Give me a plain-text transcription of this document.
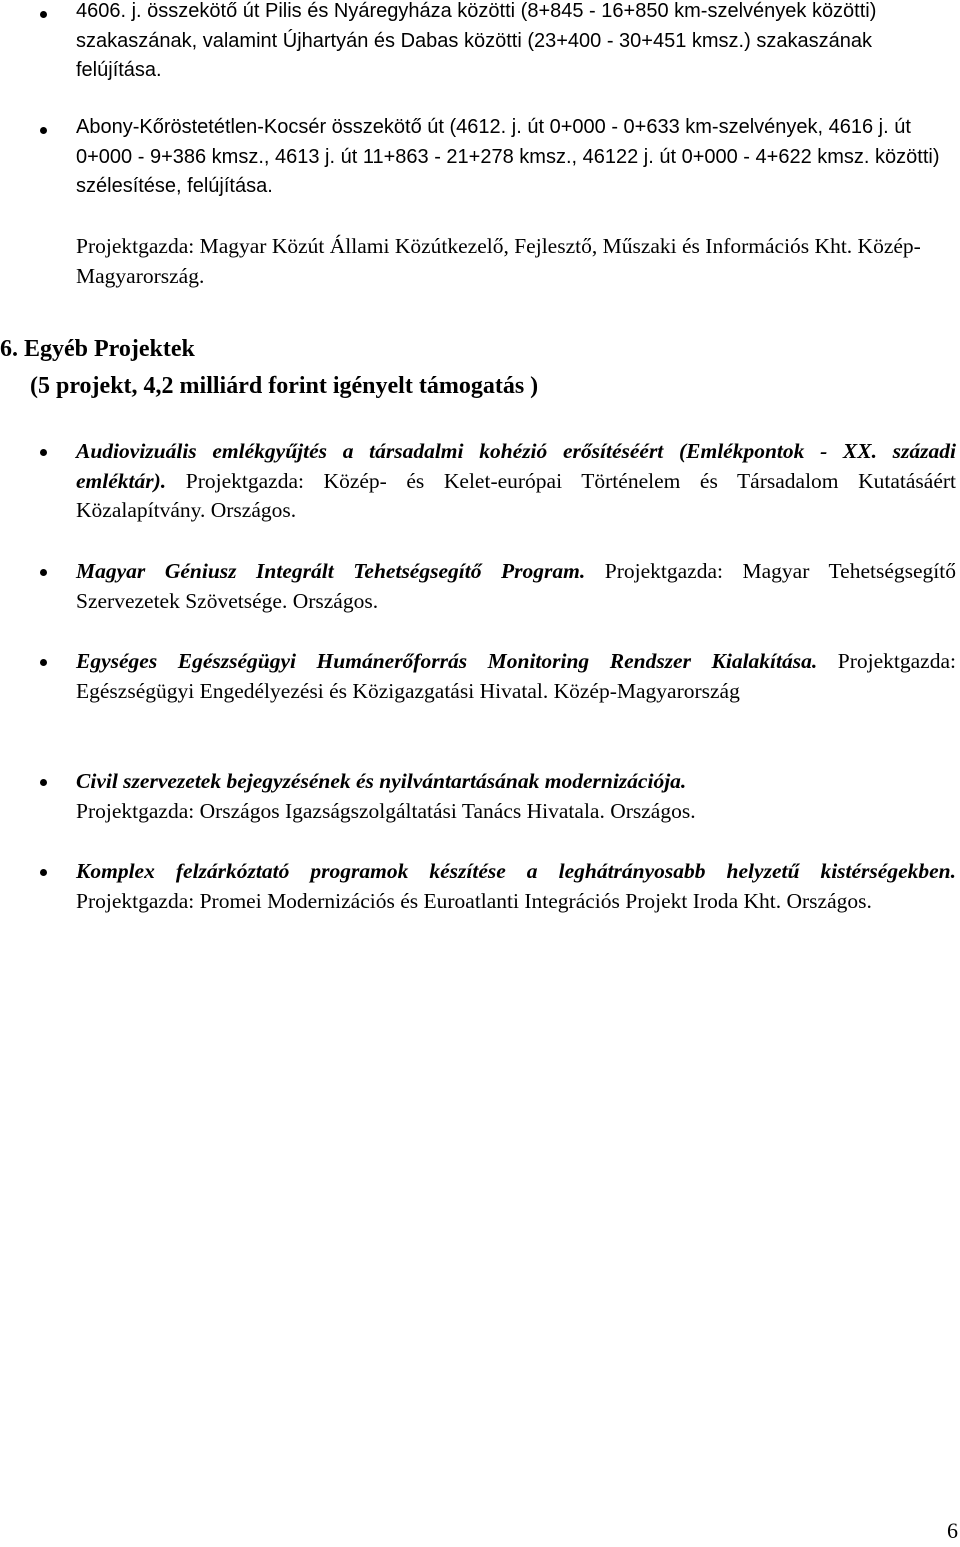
4606. j. összekötő út Pilis és Nyáregyháza közötti (8+845 - 16+850 km-szelvények közötti) szakaszának, valamint Újhartyán és Dabas közötti (23+400 - 30+451 kmsz.) szakaszának felújítása.
Abony-Kőröstetétlen-Kocsér összekötő út (4612. j. út 0+000 - 0+633 km-szelvények, 4616 j. út 0+000 - 9+386 kmsz., 4613 j. út 11+863 - 21+278 kmsz., 46122 j. út 0+000 - 4+622 kmsz. közötti) szélesítése, felújítása.
Projektgazda: Magyar Közút Állami Közútkezelő, Fejlesztő, Műszaki és Információs Kht. Közép-Magyarország.
6. Egyéb Projektek
(5 projekt, 4,2 milliárd forint igényelt támogatás )
Audiovizuális emlékgyűjtés a társadalmi kohézió erősítéséért (Emlékpontok - XX. századi emléktár). Projektgazda: Közép- és Kelet-európai Történelem és Társadalom Kutatásáért Közalapítvány. Országos.
Magyar Géniusz Integrált Tehetségsegítő Program. Projektgazda: Magyar Tehetségsegítő Szervezetek Szövetsége. Országos.
Egységes Egészségügyi Humánerőforrás Monitoring Rendszer Kialakítása. Projektgazda: Egészségügyi Engedélyezési és Közigazgatási Hivatal. Közép-Magyarország
Civil szervezetek bejegyzésének és nyilvántartásának modernizációja.
Projektgazda: Országos Igazságszolgáltatási Tanács Hivatala. Országos.
Komplex felzárkóztató programok készítése a leghátrányosabb helyzetű kistérségekben. Projektgazda: Promei Modernizációs és Euroatlanti Integrációs Projekt Iroda Kht. Országos.
6
